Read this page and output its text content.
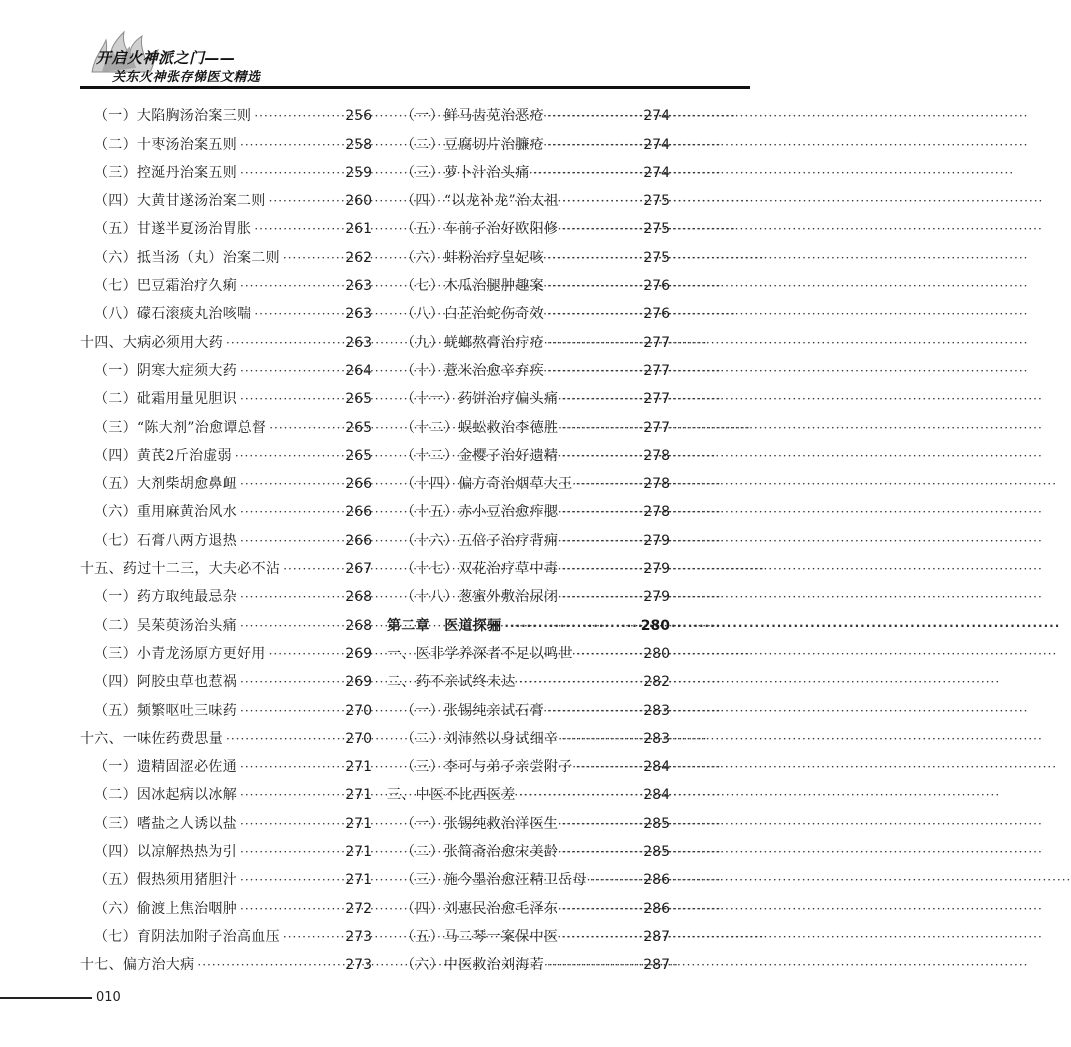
开启火神派之门——
关东火神张存悌医文精选
（一）大陷胸汤治案三则 ·····	256
（二）十枣汤治案五则 ·····	258
（三）控涎丹治案五则 ·····	259
（四）大黄甘遂汤治案二则 ·····	260
（五）甘遂半夏汤治胃胀 ·····	261
（六）抵当汤（丸）治案二则 ·····	262
（七）巴豆霜治疗久痢 ·····	263
（八）礞石滚痰丸治咳喘 ·····	263
十四、大病必须用大药 ·····	263
（一）阴寒大症须大药 ·····	264
（二）砒霜用量见胆识 ·····	265
（三）“陈大剂”治愈谭总督 ·····	265
（四）黄芪2斤治虚弱 ·····	265
（五）大剂柴胡愈鼻衄 ·····	266
（六）重用麻黄治风水 ·····	266
（七）石膏八两方退热 ·····	266
十五、药过十二三，大夫必不沾 ·····	267
（一）药方取纯最忌杂 ·····	268
（二）吴茱萸汤治头痛 ·····	268
（三）小青龙汤原方更好用 ·····	269
（四）阿胶虫草也惹祸 ·····	269
（五）频繁呕吐三味药 ·····	270
十六、一味佐药费思量 ·····	270
（一）遗精固涩必佐通 ·····	271
（二）因冰起病以冰解 ·····	271
（三）嗜盐之人诱以盐 ·····	271
（四）以凉解热热为引 ·····	271
（五）假热须用猪胆汁 ·····	271
（六）偷渡上焦治咽肿 ·····	272
（七）育阴法加附子治高血压 ·····	273
十七、偏方治大病 ·····	273
（一）鲜马齿苋治恶疮 ·····	274
（二）豆腐切片治臁疮 ·····	274
（三）萝卜汁治头痛 ·····	274
（四）“以龙补龙”治太祖 ·····	275
（五）车前子治好欧阳修 ·····	275
（六）蚌粉治疗皇妃咳 ·····	275
（七）木瓜治腿肿趣案 ·····	276
（八）白芷治蛇伤奇效 ·····	276
（九）蜣螂熬膏治疔疮 ·····	277
（十）薏米治愈辛弃疾 ·····	277
（十一）药饼治疗偏头痛 ·····	277
（十二）蜈蚣救治李德胜 ·····	277
（十二）金樱子治好遗精 ·····	278
（十四）偏方奇治烟草大王 ·····	278
（十五）赤小豆治愈痄腮 ·····	278
（十六）五倍子治疗背痈 ·····	279
（十七）双花治疗草中毒 ·····	279
（十八）葱蜜外敷治尿闭 ·····	279
第二章　医道探骊 ·····	280
一、医非学养深者不足以鸣世 ·····	280
二、药不亲试终未达 ·····	282
（一）张锡纯亲试石膏 ·····	283
（二）刘沛然以身试细辛 ·····	283
（三）李可与弟子亲尝附子 ·····	284
三、中医不比西医差 ·····	284
（一）张锡纯救治洋医生 ·····	285
（二）张简斋治愈宋美龄 ·····	285
（三）施今墨治愈汪精卫岳母 ·····	286
（四）刘惠民治愈毛泽东 ·····	286
（五）马二琴一案保中医 ·····	287
（六）中医救治刘海若 ·····	287
010
